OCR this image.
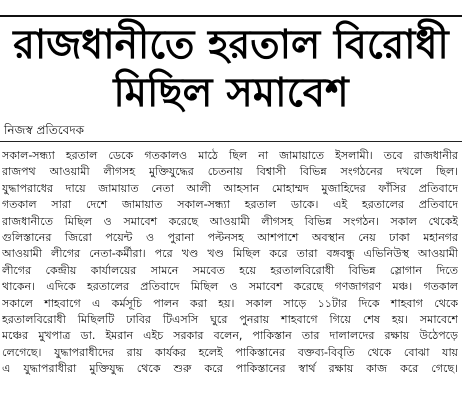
রাজধানীতে হরতাল বিরোধী
মিছিল সমাবেশ
নিজস্ব প্রতিবেদক
সকাল-সন্ধ্যা হরতাল ডেকে গতকালও মাঠে ছিল না জামায়াতে ইসলামী। তবে রাজধানীর
রাজপথ আওয়ামী লীগসহ মুক্তিযুদ্ধের চেতনায় বিশ্বাসী বিভিন্ন সংগঠনের দখলে ছিল।
যুদ্ধাপরাধের দায়ে জামায়াত নেতা আলী আহসান মোহাম্মদ মুজাহিদের ফাঁসির প্রতিবাদে
গতকাল সারা দেশে জামায়াত সকাল-সন্ধ্যা হরতাল ডাকে। এই হরতালের প্রতিবাদে
রাজধানীতে মিছিল ও সমাবেশ করেছে আওয়ামী লীগসহ বিভিন্ন সংগঠন। সকাল থেকেই
গুলিস্তানের জিরো পয়েন্ট ও পুরানা পল্টনসহ আশপাশে অবস্থান নেয় ঢাকা মহানগর
আওয়ামী লীগের নেতা-কর্মীরা। পরে খণ্ড খণ্ড মিছিল করে তারা বঙ্গবন্ধু এভিনিউস্থ আওয়ামী
লীগের কেন্দ্রীয় কার্যালয়ের সামনে সমবেত হয়ে হরতালবিরোধী বিভিন্ন স্লোগান দিতে
থাকেন। এদিকে হরতালের প্রতিবাদে মিছিল ও সমাবেশ করেছে গণজাগরণ মঞ্চ। গতকাল
সকালে শাহবাগে এ কর্মসূচি পালন করা হয়। সকাল সাড়ে ১১টার দিকে শাহবাগ থেকে
হরতালবিরোধী মিছিলটি ঢাবির টিএসসি ঘুরে পুনরায় শাহবাগে গিয়ে শেষ হয়। সমাবেশে
মঞ্চের মুখপাত্র ডা. ইমরান এইচ সরকার বলেন, পাকিস্তান তার দালালদের রক্ষায় উঠেপড়ে
লেগেছে। যুদ্ধাপরাধীদের রায় কার্যকর হলেই পাকিস্তানের বক্তব্য-বিবৃতি থেকে বোঝা যায়
এ যুদ্ধাপরাধীরা মুক্তিযুদ্ধ থেকে শুরু করে পাকিস্তানের স্বার্থ রক্ষায় কাজ করে গেছে।
